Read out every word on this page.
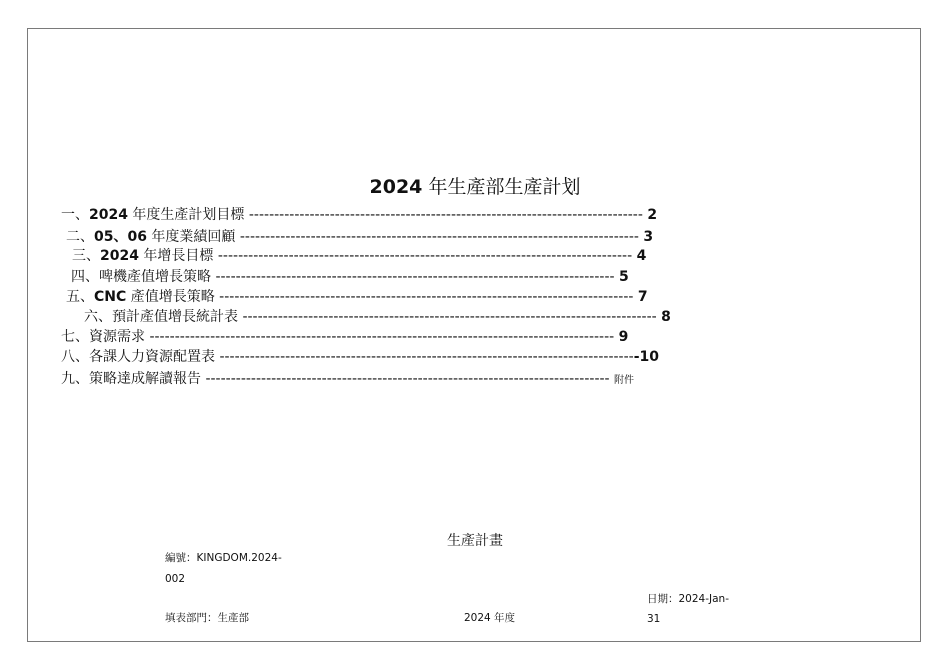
2024 年生產部生產計划
一、2024 年度生產計划目標 ------------------------------------------------------------------------------ 2
二、05、06 年度業績回顧 ------------------------------------------------------------------------------- 3
三、2024 年增長目標 ---------------------------------------------------------------------------------- 4
四、啤機產值增長策略 ------------------------------------------------------------------------------- 5
五、CNC 產值增長策略 ---------------------------------------------------------------------------------- 7
六、預計產值增長統計表 ---------------------------------------------------------------------------------- 8
七、資源需求 -------------------------------------------------------------------------------------------- 9
八、各課人力資源配置表 -----------------------------------------------------------------------------------10
九、策略達成解讀報告 -------------------------------------------------------------------------------- 附件
生產計畫
編號：KINGDOM.2024-
002
填表部門：生產部	2024 年度
日期：2024-Jan-
31
